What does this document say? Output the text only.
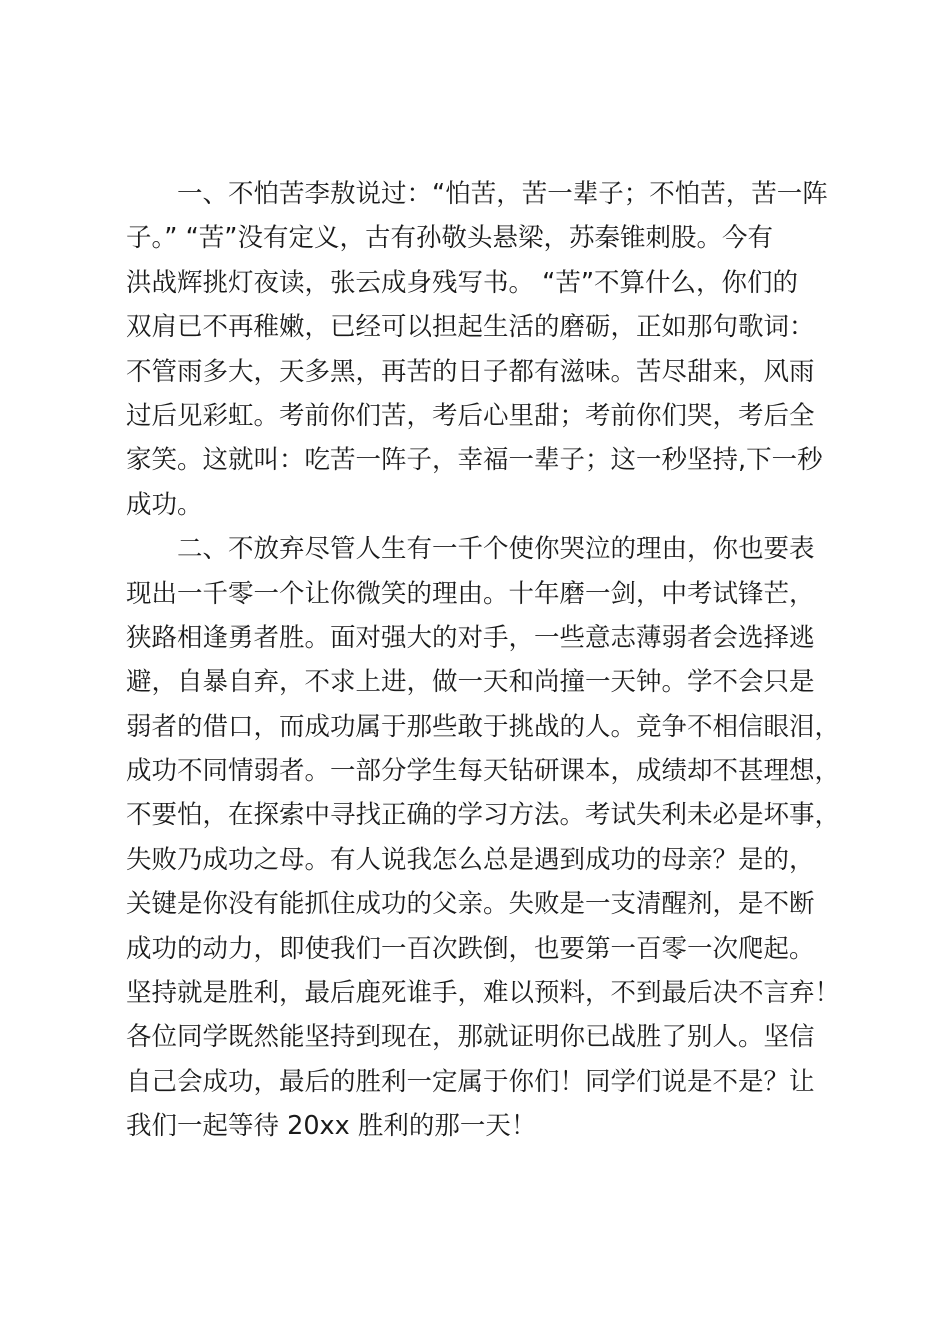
一、不怕苦李敖说过：“怕苦，苦一辈子；不怕苦，苦一阵
子。” “苦”没有定义，古有孙敬头悬梁，苏秦锥刺股。今有
洪战辉挑灯夜读，张云成身残写书。 “苦”不算什么，你们的
双肩已不再稚嫩，已经可以担起生活的磨砺，正如那句歌词：
不管雨多大，天多黑，再苦的日子都有滋味。苦尽甜来，风雨
过后见彩虹。考前你们苦，考后心里甜；考前你们哭，考后全
家笑。这就叫：吃苦一阵子，幸福一辈子；这一秒坚持,下一秒
成功。
二、不放弃尽管人生有一千个使你哭泣的理由，你也要表
现出一千零一个让你微笑的理由。十年磨一剑，中考试锋芒，
狭路相逢勇者胜。面对强大的对手，一些意志薄弱者会选择逃
避，自暴自弃，不求上进，做一天和尚撞一天钟。学不会只是
弱者的借口，而成功属于那些敢于挑战的人。竞争不相信眼泪，
成功不同情弱者。一部分学生每天钻研课本，成绩却不甚理想，
不要怕，在探索中寻找正确的学习方法。考试失利未必是坏事，
失败乃成功之母。有人说我怎么总是遇到成功的母亲？是的，
关键是你没有能抓住成功的父亲。失败是一支清醒剂，是不断
成功的动力，即使我们一百次跌倒，也要第一百零一次爬起。
坚持就是胜利，最后鹿死谁手，难以预料，不到最后决不言弃！
各位同学既然能坚持到现在，那就证明你已战胜了别人。坚信
自己会成功，最后的胜利一定属于你们！同学们说是不是？让
我们一起等待 20xx 胜利的那一天！
